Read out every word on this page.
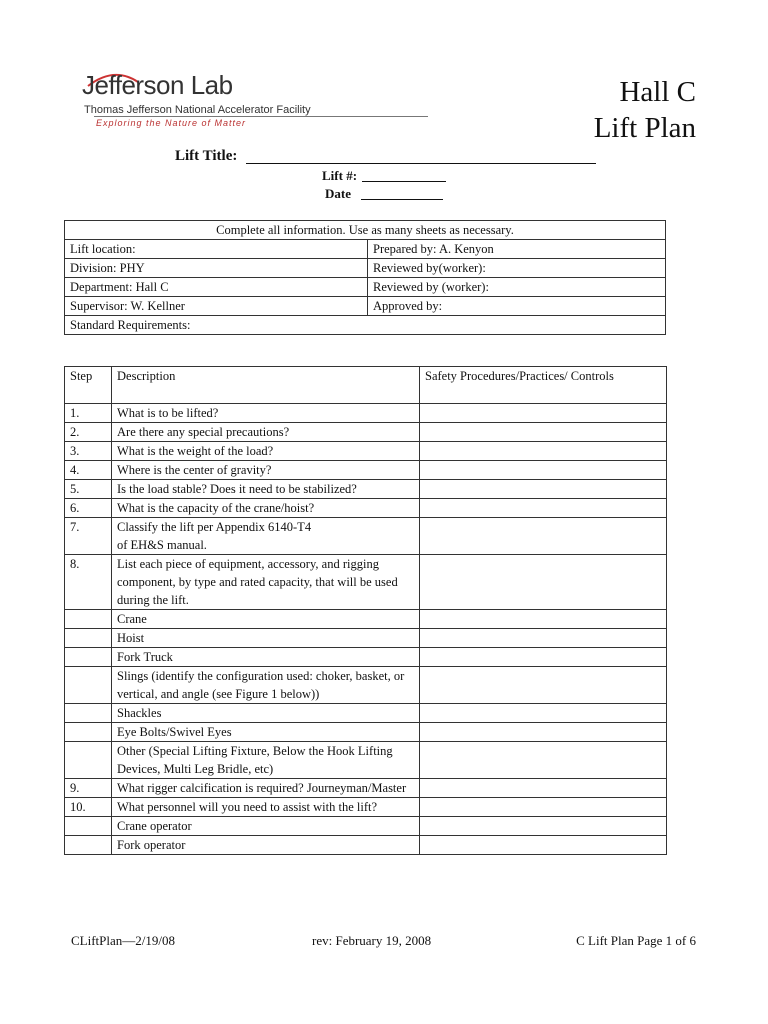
Jefferson Lab
Thomas Jefferson National Accelerator Facility
Exploring the Nature of Matter
Hall C
Lift Plan
Lift Title:
Lift #:
Date
Complete all information. Use as many sheets as necessary.	
Lift location:	Prepared by: A. Kenyon
Division: PHY	Reviewed by(worker):
Department: Hall C	Reviewed by (worker):
Supervisor: W. Kellner	Approved by:
Standard Requirements:	
Step	Description	Safety Procedures/Practices/ Controls
1.	What is to be lifted?	
2.	Are there any special precautions?	
3.	What is the weight of the load?	
4.	Where is the center of gravity?	
5.	Is the load stable? Does it need to be stabilized?	
6.	What is the capacity of the crane/hoist?	
7.	Classify the lift per Appendix 6140-T4
of EH&S manual.	
8.	List each piece of equipment, accessory, and rigging component, by type and rated capacity, that will be used during the lift.	
	Crane	
	Hoist	
	Fork Truck	
	Slings (identify the configuration used: choker, basket, or vertical, and angle (see Figure 1 below))	
	Shackles	
	Eye Bolts/Swivel Eyes	
	Other (Special Lifting Fixture, Below the Hook Lifting Devices, Multi Leg Bridle, etc)	
9.	What rigger calcification is required? Journeyman/Master	
10.	What personnel will you need to assist with the lift?	
	Crane operator	
	Fork operator	
CLiftPlan—2/19/08	rev: February 19, 2008	C Lift Plan Page 1 of 6
